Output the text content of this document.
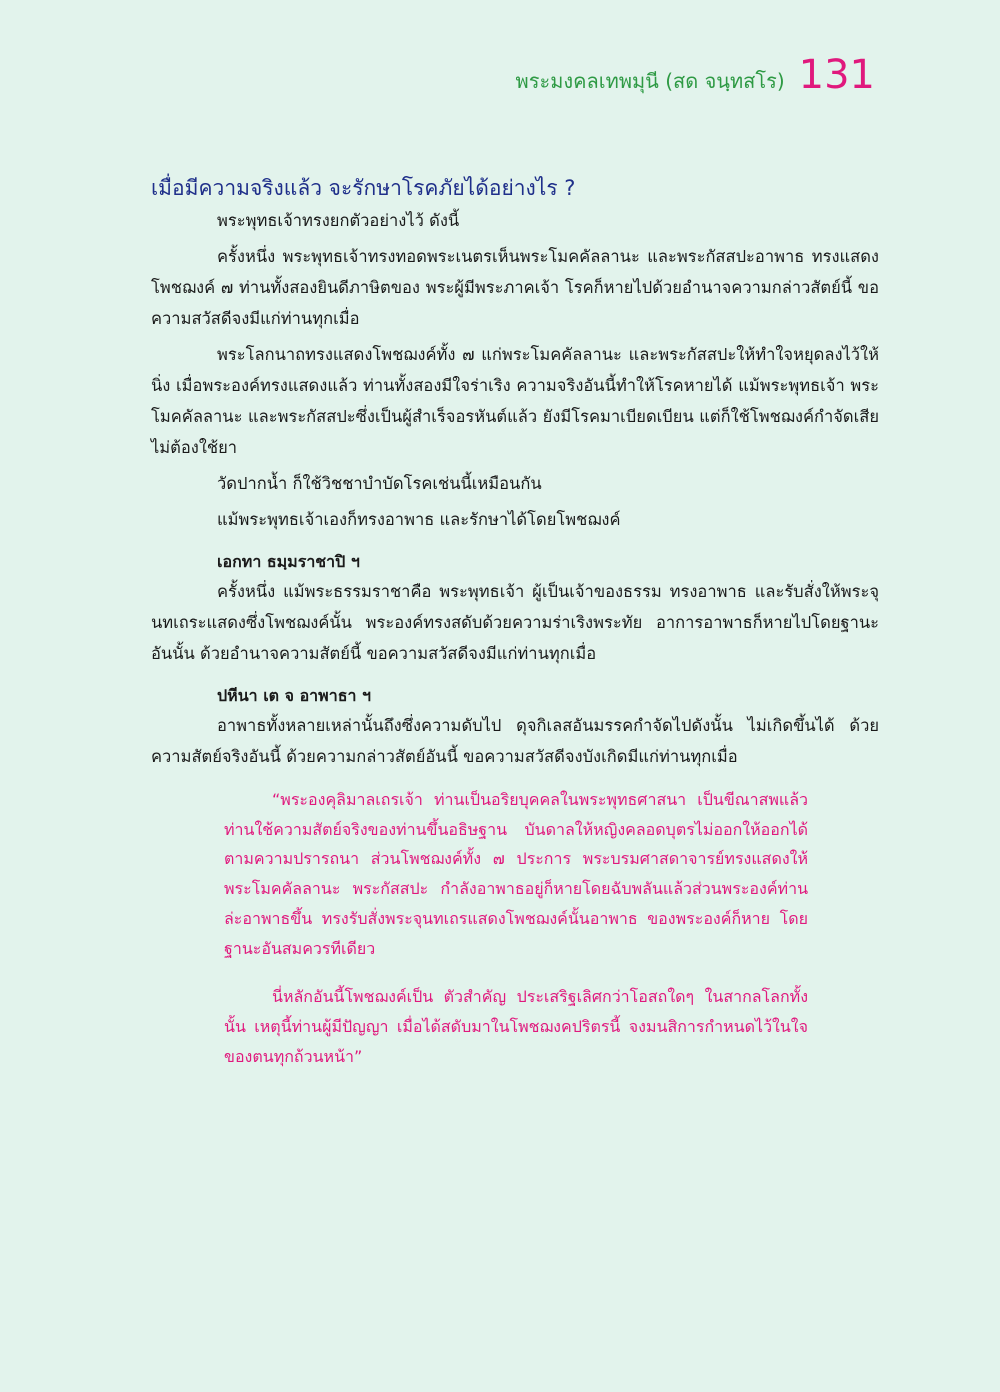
พระมงคลเทพมุนี (สด จนฺทสโร) 131
เมื่อมีความจริงแล้ว จะรักษาโรคภัยได้อย่างไร ?

พระพุทธเจ้าทรงยกตัวอย่างไว้ ดังนี้

ครั้งหนึ่ง พระพุทธเจ้าทรงทอดพระเนตรเห็นพระโมคคัลลานะ และพระกัสสปะอาพาธ ทรงแสดงโพชฌงค์ ๗ ท่านทั้งสองยินดีภาษิตของ พระผู้มีพระภาคเจ้า โรคก็หายไปด้วยอำนาจความกล่าวสัตย์นี้ ขอความสวัสดีจงมีแก่ท่านทุกเมื่อ

พระโลกนาถทรงแสดงโพชฌงค์ทั้ง ๗ แก่พระโมคคัลลานะ และพระกัสสปะให้ทำใจหยุดลงไว้ให้ นิ่ง เมื่อพระองค์ทรงแสดงแล้ว ท่านทั้งสองมีใจร่าเริง ความจริงอันนี้ทำให้โรคหายได้ แม้พระพุทธเจ้า พระโมคคัลลานะ และพระกัสสปะซึ่งเป็นผู้สำเร็จอรหันต์แล้ว ยังมีโรคมาเบียดเบียน แต่ก็ใช้โพชฌงค์กำจัดเสียไม่ต้องใช้ยา

วัดปากน้ำ ก็ใช้วิชชาบำบัดโรคเช่นนี้เหมือนกัน

แม้พระพุทธเจ้าเองก็ทรงอาพาธ และรักษาได้โดยโพชฌงค์

เอกทา ธมฺมราชาปิ ฯ

ครั้งหนึ่ง แม้พระธรรมราชาคือ พระพุทธเจ้า ผู้เป็นเจ้าของธรรม ทรงอาพาธ และรับสั่งให้พระจุนทเถระแสดงซึ่งโพชฌงค์นั้น พระองค์ทรงสดับด้วยความร่าเริงพระทัย อาการอาพาธก็หายไปโดยฐานะอันนั้น ด้วยอำนาจความสัตย์นี้ ขอความสวัสดีจงมีแก่ท่านทุกเมื่อ

ปหีนา เต จ อาพาธา ฯ

อาพาธทั้งหลายเหล่านั้นถึงซึ่งความดับไป ดุจกิเลสอันมรรคกำจัดไปดังนั้น ไม่เกิดขึ้นได้ ด้วยความสัตย์จริงอันนี้ ด้วยความกล่าวสัตย์อันนี้ ขอความสวัสดีจงบังเกิดมีแก่ท่านทุกเมื่อ

“พระองคุลิมาลเถรเจ้า ท่านเป็นอริยบุคคลในพระพุทธศาสนา เป็นขีณาสพแล้ว ท่านใช้ความสัตย์จริงของท่านขึ้นอธิษฐาน บันดาลให้หญิงคลอดบุตรไม่ออกให้ออกได้ตามความปรารถนา ส่วนโพชฌงค์ทั้ง ๗ ประการ พระบรมศาสดาจารย์ทรงแสดงให้พระโมคคัลลานะ พระกัสสปะ กำลังอาพาธอยู่ก็หายโดยฉับพลันแล้วส่วนพระองค์ท่านล่ะอาพาธขึ้น ทรงรับสั่งพระจุนทเถรแสดงโพชฌงค์นั้นอาพาธ ของพระองค์ก็หาย โดยฐานะอันสมควรทีเดียว

นี่หลักอันนี้โพชฌงค์เป็น ตัวสำคัญ ประเสริฐเลิศกว่าโอสถใดๆ ในสากลโลกทั้งนั้น เหตุนี้ท่านผู้มีปัญญา เมื่อได้สดับมาในโพชฌงคปริตรนี้ จงมนสิการกำหนดไว้ในใจของตนทุกถ้วนหน้า”
